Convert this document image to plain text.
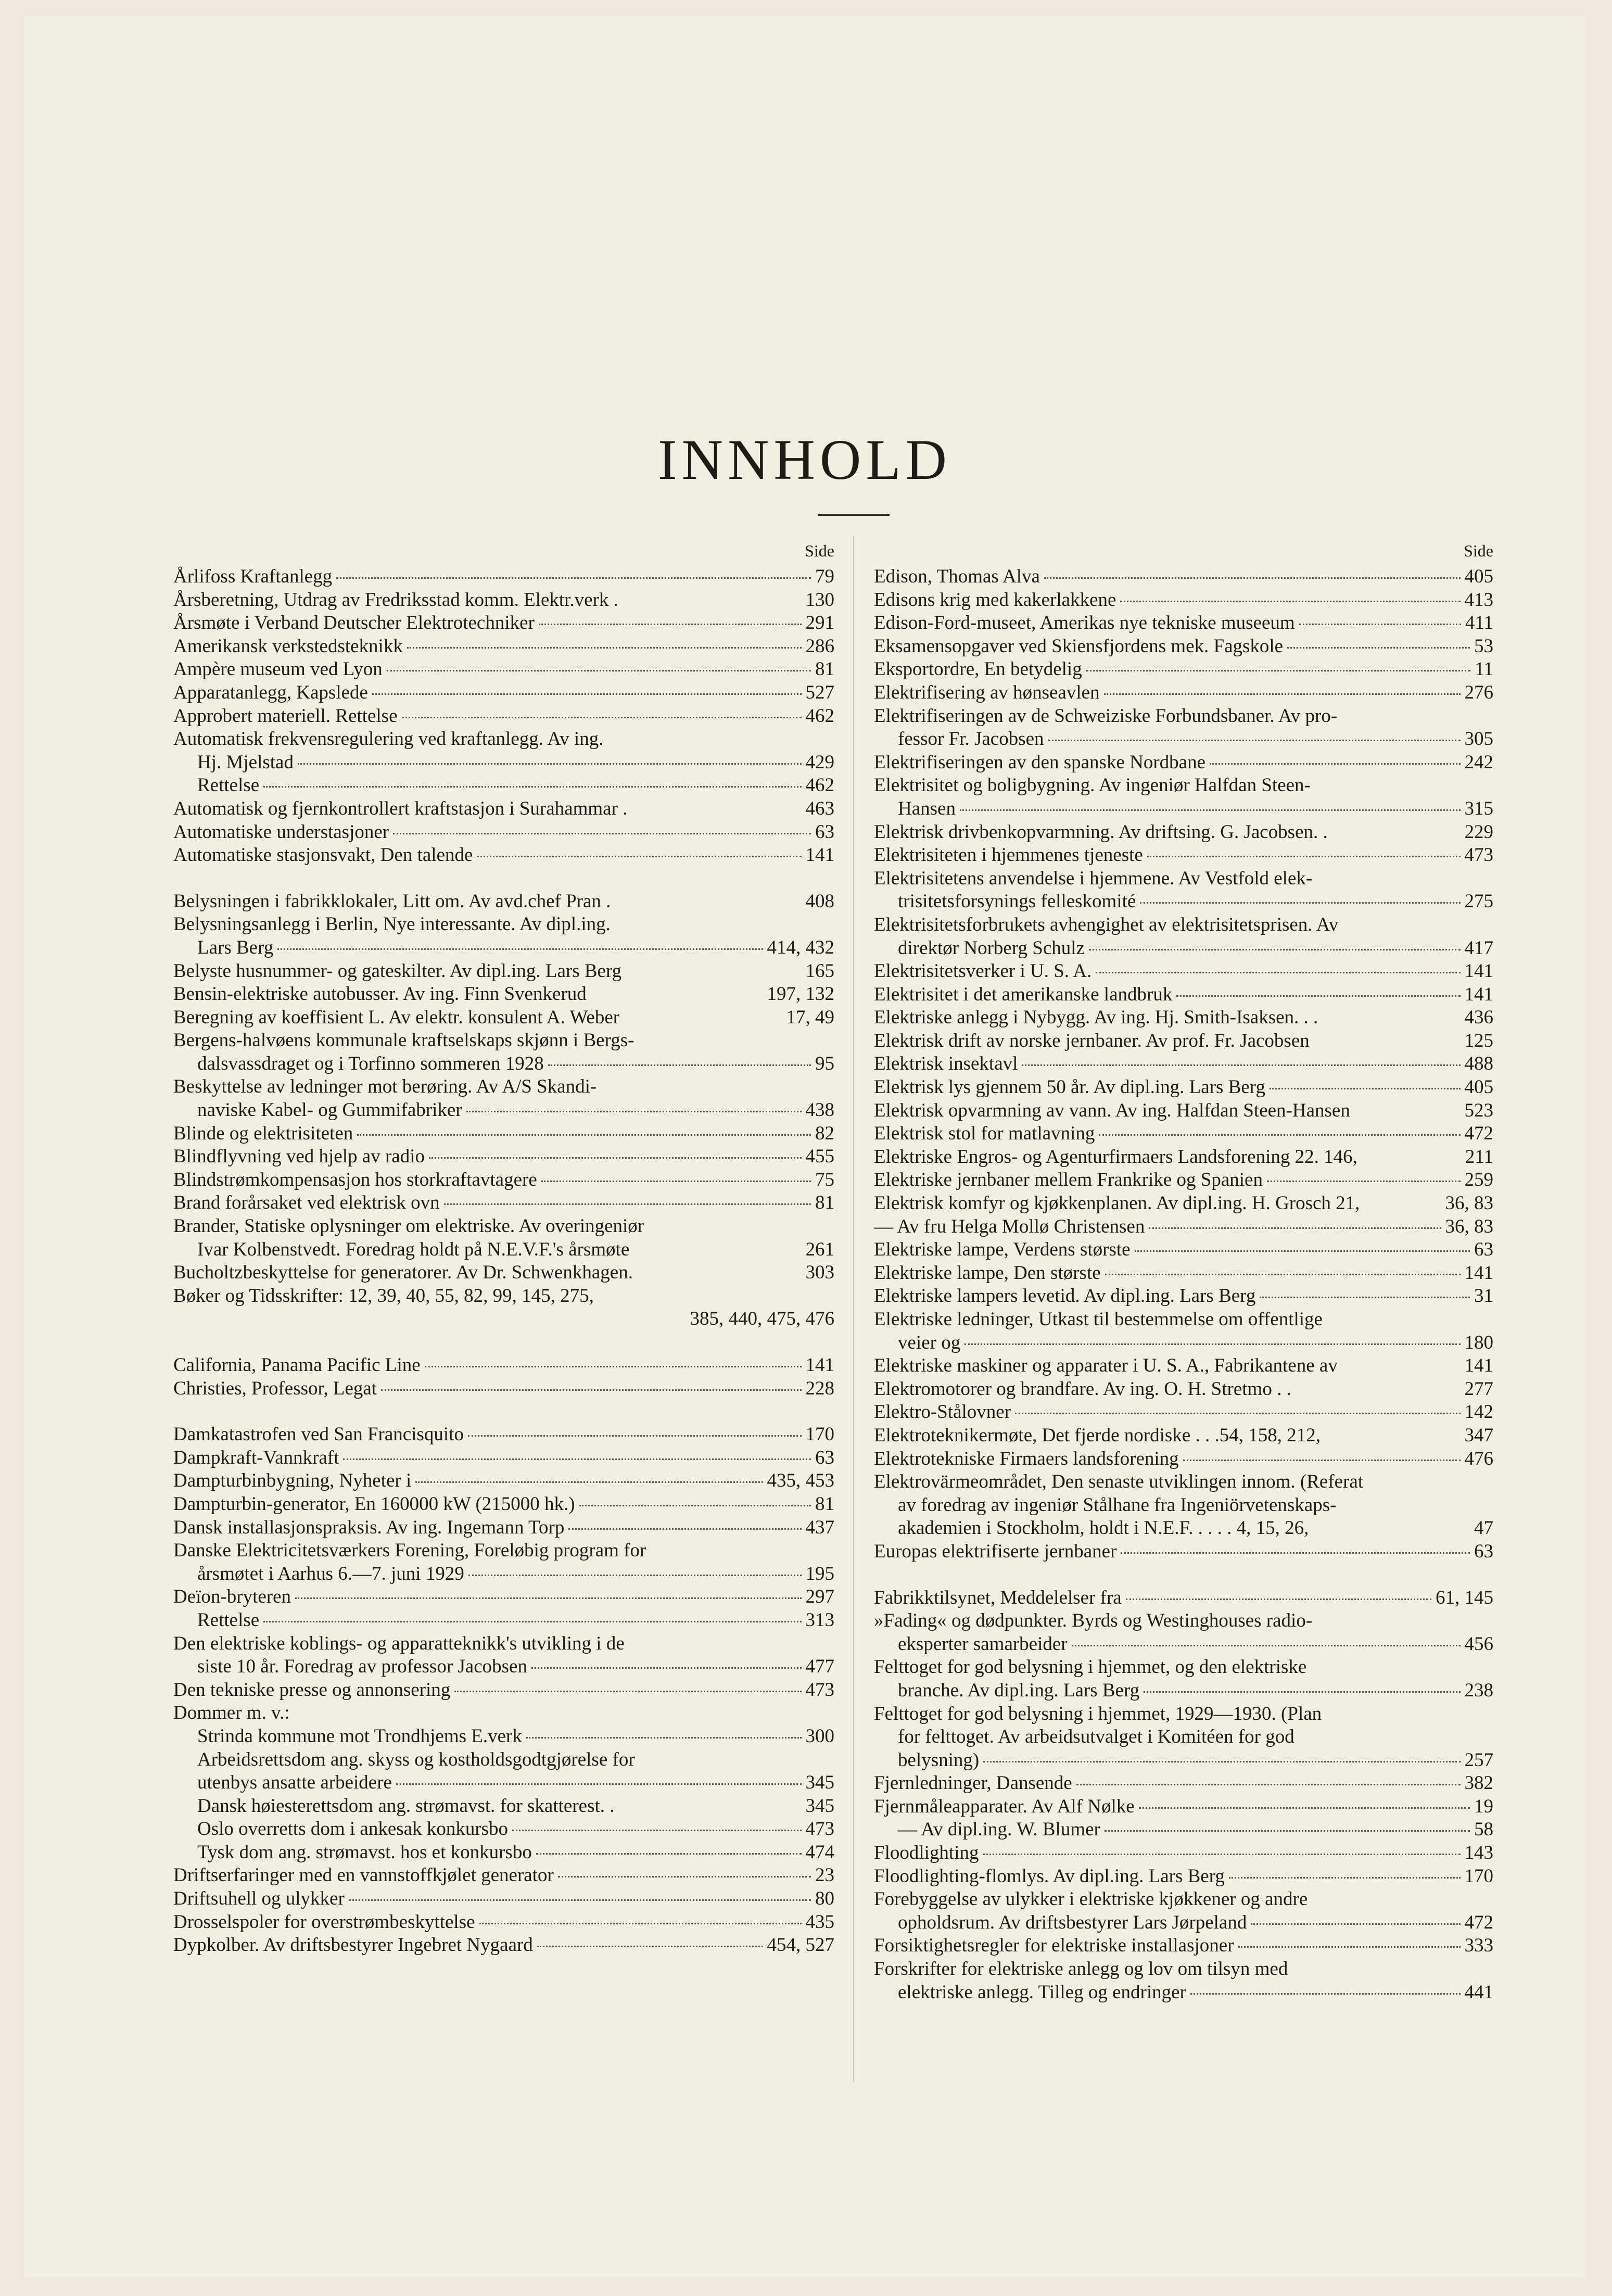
INNHOLD
Side
Årlifoss Kraftanlegg	79
Årsberetning, Utdrag av Fredriksstad komm. Elektr.verk .	130
Årsmøte i Verband Deutscher Elektrotechniker	291
Amerikansk verkstedsteknikk	286
Ampère museum ved Lyon	81
Apparatanlegg, Kapslede	527
Approbert materiell. Rettelse	462
Automatisk frekvensregulering ved kraftanlegg. Av ing.
Hj. Mjelstad	429
Rettelse	462
Automatisk og fjernkontrollert kraftstasjon i Surahammar .	463
Automatiske understasjoner	63
Automatiske stasjonsvakt, Den talende	141
Belysningen i fabrikklokaler, Litt om. Av avd.chef Pran .	408
Belysningsanlegg i Berlin, Nye interessante. Av dipl.ing.
Lars Berg	414, 432
Belyste husnummer- og gateskilter. Av dipl.ing. Lars Berg	165
Bensin-elektriske autobusser. Av ing. Finn Svenkerud	197, 132
Beregning av koeffisient L. Av elektr. konsulent A. Weber	17, 49
Bergens-halvøens kommunale kraftselskaps skjønn i Bergs-
dalsvassdraget og i Torfinno sommeren 1928	95
Beskyttelse av ledninger mot berøring. Av A/S Skandi-
naviske Kabel- og Gummifabriker	438
Blinde og elektrisiteten	82
Blindflyvning ved hjelp av radio	455
Blindstrømkompensasjon hos storkraftavtagere	75
Brand forårsaket ved elektrisk ovn	81
Brander, Statiske oplysninger om elektriske. Av overingeniør
Ivar Kolbenstvedt. Foredrag holdt på N.E.V.F.'s årsmøte	261
Bucholtzbeskyttelse for generatorer. Av Dr. Schwenkhagen.	303
Bøker og Tidsskrifter: 12, 39, 40, 55, 82, 99, 145, 275,
385, 440, 475, 476
California, Panama Pacific Line	141
Christies, Professor, Legat	228
Damkatastrofen ved San Francisquito	170
Dampkraft-Vannkraft	63
Dampturbinbygning, Nyheter i	435, 453
Dampturbin-generator, En 160000 kW (215000 hk.)	81
Dansk installasjonspraksis. Av ing. Ingemann Torp	437
Danske Elektricitetsværkers Forening, Foreløbig program for
årsmøtet i Aarhus 6.—7. juni 1929	195
Deïon-bryteren	297
Rettelse	313
Den elektriske koblings- og apparatteknikk's utvikling i de
siste 10 år. Foredrag av professor Jacobsen	477
Den tekniske presse og annonsering	473
Dommer m. v.:
Strinda kommune mot Trondhjems E.verk	300
Arbeidsrettsdom ang. skyss og kostholdsgodtgjørelse for
utenbys ansatte arbeidere	345
Dansk høiesterettsdom ang. strømavst. for skatterest. .	345
Oslo overretts dom i ankesak konkursbo	473
Tysk dom ang. strømavst. hos et konkursbo	474
Driftserfaringer med en vannstoffkjølet generator	23
Driftsuhell og ulykker	80
Drosselspoler for overstrømbeskyttelse	435
Dypkolber. Av driftsbestyrer Ingebret Nygaard	454, 527
Side
Edison, Thomas Alva	405
Edisons krig med kakerlakkene	413
Edison-Ford-museet, Amerikas nye tekniske museeum	411
Eksamensopgaver ved Skiensfjordens mek. Fagskole	53
Eksportordre, En betydelig	11
Elektrifisering av hønseavlen	276
Elektrifiseringen av de Schweiziske Forbundsbaner. Av pro-
fessor Fr. Jacobsen	305
Elektrifiseringen av den spanske Nordbane	242
Elektrisitet og boligbygning. Av ingeniør Halfdan Steen-
Hansen	315
Elektrisk drivbenkopvarmning. Av driftsing. G. Jacobsen. .	229
Elektrisiteten i hjemmenes tjeneste	473
Elektrisitetens anvendelse i hjemmene. Av Vestfold elek-
trisitetsforsynings felleskomité	275
Elektrisitetsforbrukets avhengighet av elektrisitetsprisen. Av
direktør Norberg Schulz	417
Elektrisitetsverker i U. S. A.	141
Elektrisitet i det amerikanske landbruk	141
Elektriske anlegg i Nybygg. Av ing. Hj. Smith-Isaksen. . .	436
Elektrisk drift av norske jernbaner. Av prof. Fr. Jacobsen	125
Elektrisk insektavl	488
Elektrisk lys gjennem 50 år. Av dipl.ing. Lars Berg	405
Elektrisk opvarmning av vann. Av ing. Halfdan Steen-Hansen	523
Elektrisk stol for matlavning	472
Elektriske Engros- og Agenturfirmaers Landsforening 22. 146,	211
Elektriske jernbaner mellem Frankrike og Spanien	259
Elektrisk komfyr og kjøkkenplanen. Av dipl.ing. H. Grosch 21,	36, 83
— Av fru Helga Mollø Christensen	36, 83
Elektriske lampe, Verdens største	63
Elektriske lampe, Den største	141
Elektriske lampers levetid. Av dipl.ing. Lars Berg	31
Elektriske ledninger, Utkast til bestemmelse om offentlige
veier og	180
Elektriske maskiner og apparater i U. S. A., Fabrikantene av	141
Elektromotorer og brandfare. Av ing. O. H. Stretmo . .	277
Elektro-Stålovner	142
Elektroteknikermøte, Det fjerde nordiske . . .54, 158, 212,	347
Elektrotekniske Firmaers landsforening	476
Elektrovärmeområdet, Den senaste utviklingen innom. (Referat
av foredrag av ingeniør Stålhane fra Ingeniörvetenskaps-
akademien i Stockholm, holdt i N.E.F. . . . . 4, 15, 26,	47
Europas elektrifiserte jernbaner	63
Fabrikktilsynet, Meddelelser fra	61, 145
»Fading« og dødpunkter. Byrds og Westinghouses radio-
eksperter samarbeider	456
Felttoget for god belysning i hjemmet, og den elektriske
branche. Av dipl.ing. Lars Berg	238
Felttoget for god belysning i hjemmet, 1929—1930. (Plan
for felttoget. Av arbeidsutvalget i Komitéen for god
belysning)	257
Fjernledninger, Dansende	382
Fjernmåleapparater. Av Alf Nølke	19
— Av dipl.ing. W. Blumer	58
Floodlighting	143
Floodlighting-flomlys. Av dipl.ing. Lars Berg	170
Forebyggelse av ulykker i elektriske kjøkkener og andre
opholdsrum. Av driftsbestyrer Lars Jørpeland	472
Forsiktighetsregler for elektriske installasjoner	333
Forskrifter for elektriske anlegg og lov om tilsyn med
elektriske anlegg. Tilleg og endringer	441
